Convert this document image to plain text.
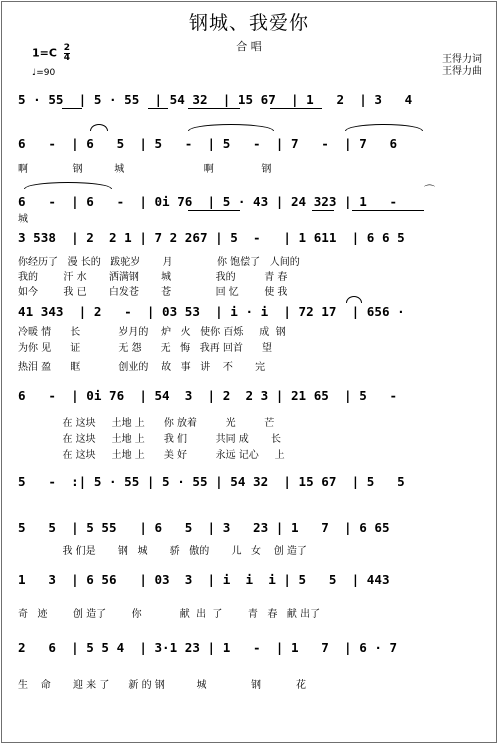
钢城、我爱你
合 唱
$1=C \frac{2}{4}$
♩=90
王得力词
王得力曲
5 · 55  | 5 · 55  | 54 32  | 15 67  | 1   2  | 3   4
6   -  | 6   5  | 5   -  | 5   -  | 7   -  | 7   6
啊              钢          城                         啊               钢
6   -  | 6   -  | 0i 76  | 5 · 43 | 24 323 | 1   -
城
3 538  | 2  2 1 | 7 2 267 | 5  -   | 1 611  | 6 6 5
你经历了   漫 长的   跋驼岁       月              你 饱偿了   人间的
我的        汗 水       洒满钢       城              我的         青 春
如今        我 已       白发苍       苍              回 忆        使 我
41 343  | 2   -  | 03 53  | i · i  | 72 17  | 656 ·
冷暖 情      长            岁月的    炉   火   使你 百烁     成  钢
为你 见      证            无 怨      无   悔   我再 回首      望
热泪 盈      眶            创业的    故   事   讲    不       完
6   -  | 0i 76  | 54  3  | 2  2 3 | 21 65  | 5   -
在 这块     土地 上      你 放着         光         芒
在 这块     土地 上      我 们         共同 成       长
在 这块     土地 上      美 好         永远 记心     上
5   -  :| 5 · 55 | 5 · 55 | 54 32  | 15 67  | 5   5
5   5  | 5 55   | 6   5  | 3   23 | 1   7  | 6 65
我 们是       钢   城       骄   傲的       儿   女    创 造了
1   3  | 6 56   | 03  3  | i  i  i | 5   5  | 443
奇   迹        创 造了        你            献  出  了        青   春   献 出了
2   6  | 5 5 4  | 3·1 23 | 1   -  | 1   7  | 6 · 7
生    命       迎 来 了      新 的 钢          城              钢           花
⌒
